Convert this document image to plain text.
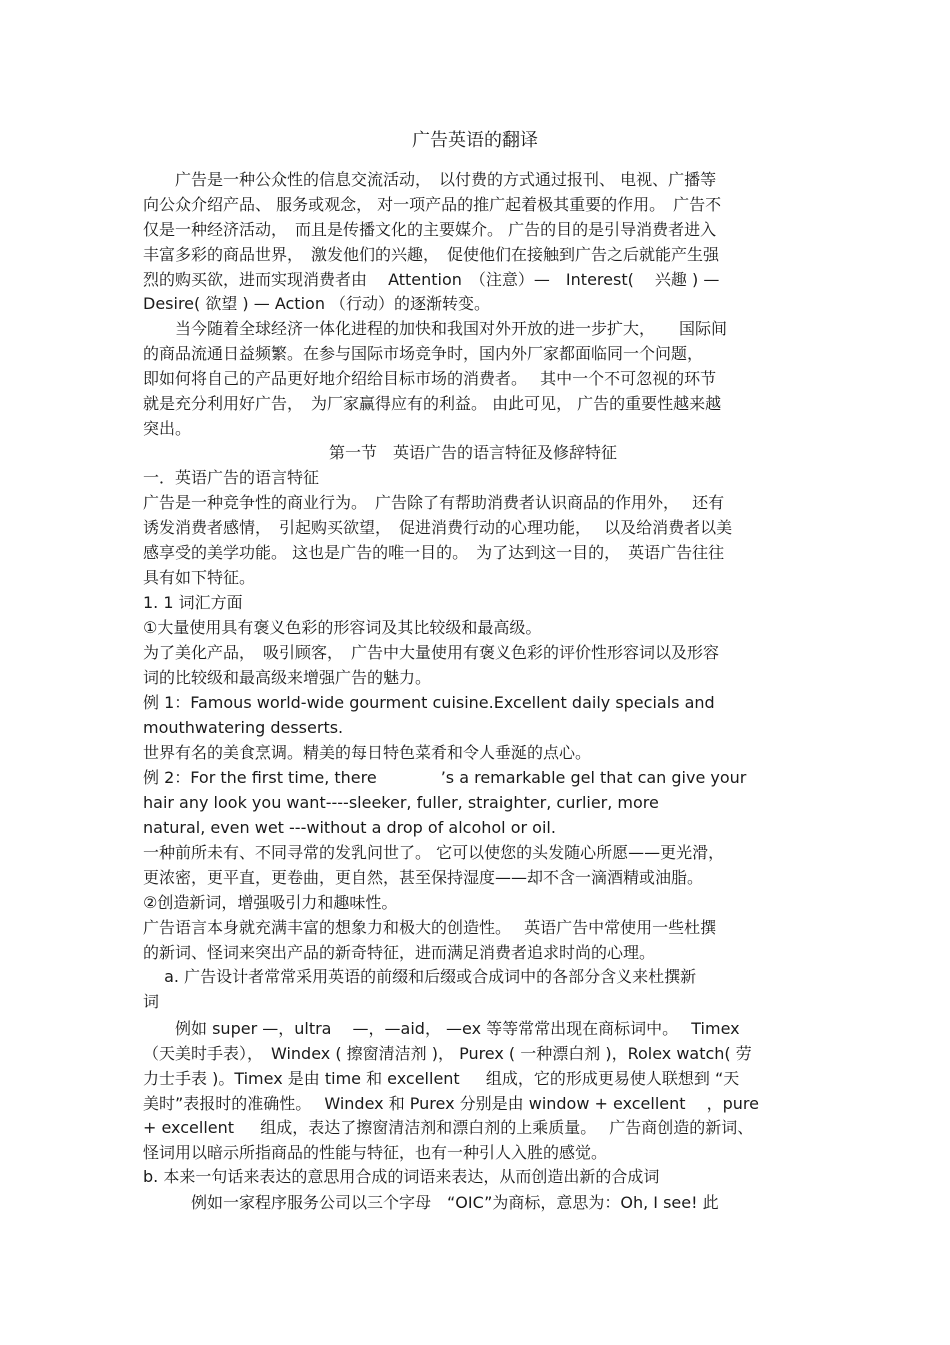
广告英语的翻译
　　广告是一种公众性的信息交流活动，　以付费的方式通过报刊、 电视、广播等
向公众介绍产品、 服务或观念， 对一项产品的推广起着极其重要的作用。　广告不
仅是一种经济活动，　而且是传播文化的主要媒介。 广告的目的是引导消费者进入
丰富多彩的商品世界，　激发他们的兴趣，　促使他们在接触到广告之后就能产生强
烈的购买欲，进而实现消费者由　 Attention　（注意）—　Interest(　 兴趣 ) —
Desire( 欲望 ) — Action （行动）的逐渐转变。
　　当今随着全球经济一体化进程的加快和我国对外开放的进一步扩大，　　国际间
的商品流通日益频繁。在参与国际市场竞争时，国内外厂家都面临同一个问题，
即如何将自己的产品更好地介绍给目标市场的消费者。　 其中一个不可忽视的环节
就是充分利用好广告，　为厂家赢得应有的利益。 由此可见， 广告的重要性越来越
突出。
第一节　英语广告的语言特征及修辞特征
一．英语广告的语言特征
广告是一种竞争性的商业行为。　广告除了有帮助消费者认识商品的作用外，　 还有
诱发消费者感情，　引起购买欲望，　促进消费行动的心理功能，　 以及给消费者以美
感享受的美学功能。 这也是广告的唯一目的。　为了达到这一目的，　英语广告往往
具有如下特征。
1. 1 词汇方面
①大量使用具有褒义色彩的形容词及其比较级和最高级。
为了美化产品，　吸引顾客，　广告中大量使用有褒义色彩的评价性形容词以及形容
词的比较级和最高级来增强广告的魅力。
例 1：Famous world-wide gourment cuisine.Excellent daily specials and
mouthwatering desserts.
世界有名的美食烹调。精美的每日特色菜肴和令人垂涎的点心。
例 2：For the first time, there　　　　’s a remarkable gel that can give your
hair any look you want----sleeker, fuller, straighter, curlier, more
natural, even wet ---without a drop of alcohol or oil.
一种前所未有、不同寻常的发乳问世了。 它可以使您的头发随心所愿——更光滑，
更浓密，更平直，更卷曲，更自然，甚至保持湿度——却不含一滴酒精或油脂。
②创造新词，增强吸引力和趣味性。
广告语言本身就充满丰富的想象力和极大的创造性。　 英语广告中常使用一些杜撰
的新词、怪词来突出产品的新奇特征，进而满足消费者追求时尚的心理。
　 a. 广告设计者常常采用英语的前缀和后缀或合成词中的各部分含义来杜撰新
词
　　例如 super —，ultra 　—，—aid， —ex 等等常常出现在商标词中。　 Timex
（天美时手表），　Windex ( 擦窗清洁剂 )， Purex ( 一种漂白剂 )，Rolex watch( 劳
力士手表 )。Timex 是由 time 和 excellent 　 组成，它的形成更易使人联想到 “天
美时”表报时的准确性。　 Windex 和 Purex 分别是由 window + excellent 　，pure
+ excellent 　 组成，表达了擦窗清洁剂和漂白剂的上乘质量。　 广告商创造的新词、
怪词用以暗示所指商品的性能与特征，也有一种引人入胜的感觉。
b. 本来一句话来表达的意思用合成的词语来表达，从而创造出新的合成词
　　　例如一家程序服务公司以三个字母　“OIC”为商标，意思为：Oh, I see! 此
